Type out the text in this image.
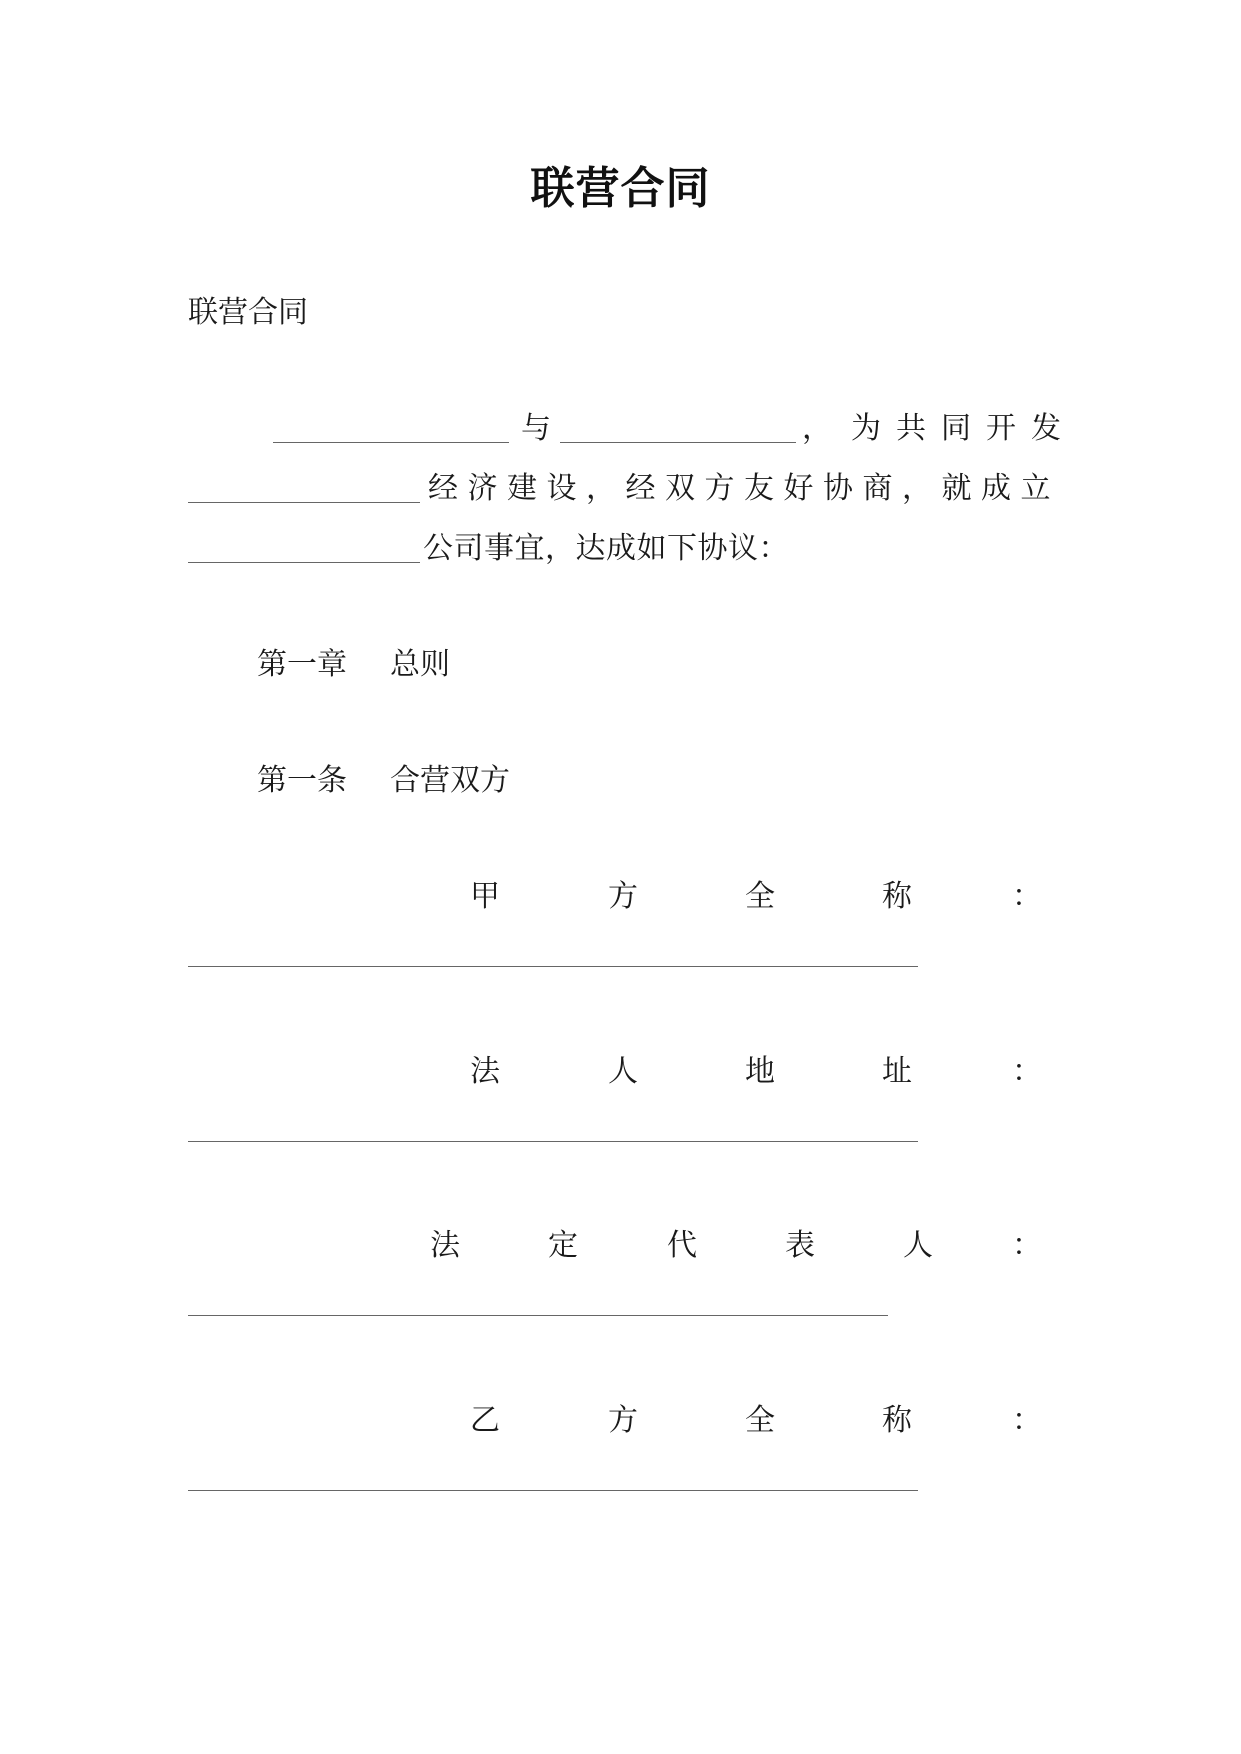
联营合同
联营合同
与	， 为共同开发
经济建设，经双方友好协商，就成立
公司事宜，达成如下协议：
第一章 总则
第一条 合营双方
甲	方	全	称	：
法	人	地	址	：
法	定	代	表	人	：
乙	方	全	称	：
